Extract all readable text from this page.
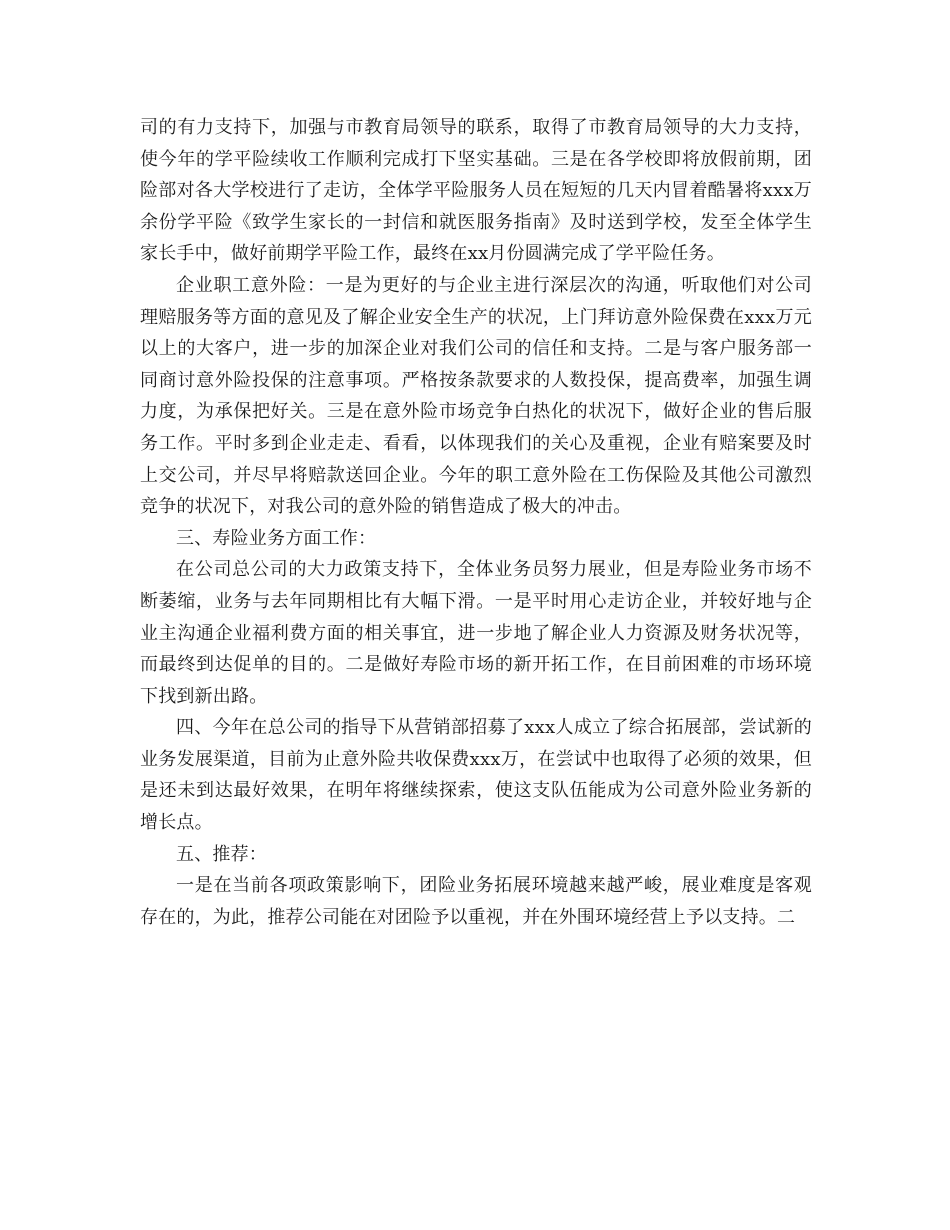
司的有力支持下，加强与市教育局领导的联系，取得了市教育局领导的大力支持，使今年的学平险续收工作顺利完成打下坚实基础。三是在各学校即将放假前期，团险部对各大学校进行了走访，全体学平险服务人员在短短的几天内冒着酷暑将xxx万余份学平险《致学生家长的一封信和就医服务指南》及时送到学校，发至全体学生家长手中，做好前期学平险工作，最终在xx月份圆满完成了学平险任务。

企业职工意外险：一是为更好的与企业主进行深层次的沟通，听取他们对公司理赔服务等方面的意见及了解企业安全生产的状况，上门拜访意外险保费在xxx万元以上的大客户，进一步的加深企业对我们公司的信任和支持。二是与客户服务部一同商讨意外险投保的注意事项。严格按条款要求的人数投保，提高费率，加强生调力度，为承保把好关。三是在意外险市场竞争白热化的状况下，做好企业的售后服务工作。平时多到企业走走、看看，以体现我们的关心及重视，企业有赔案要及时上交公司，并尽早将赔款送回企业。今年的职工意外险在工伤保险及其他公司激烈竞争的状况下，对我公司的意外险的销售造成了极大的冲击。

三、寿险业务方面工作：

在公司总公司的大力政策支持下，全体业务员努力展业，但是寿险业务市场不断萎缩，业务与去年同期相比有大幅下滑。一是平时用心走访企业，并较好地与企业主沟通企业福利费方面的相关事宜，进一步地了解企业人力资源及财务状况等，而最终到达促单的目的。二是做好寿险市场的新开拓工作，在目前困难的市场环境下找到新出路。

四、今年在总公司的指导下从营销部招募了xxx人成立了综合拓展部，尝试新的业务发展渠道，目前为止意外险共收保费xxx万，在尝试中也取得了必须的效果，但是还未到达最好效果，在明年将继续探索，使这支队伍能成为公司意外险业务新的增长点。

五、推荐：

一是在当前各项政策影响下，团险业务拓展环境越来越严峻，展业难度是客观存在的，为此，推荐公司能在对团险予以重视，并在外围环境经营上予以支持。二
